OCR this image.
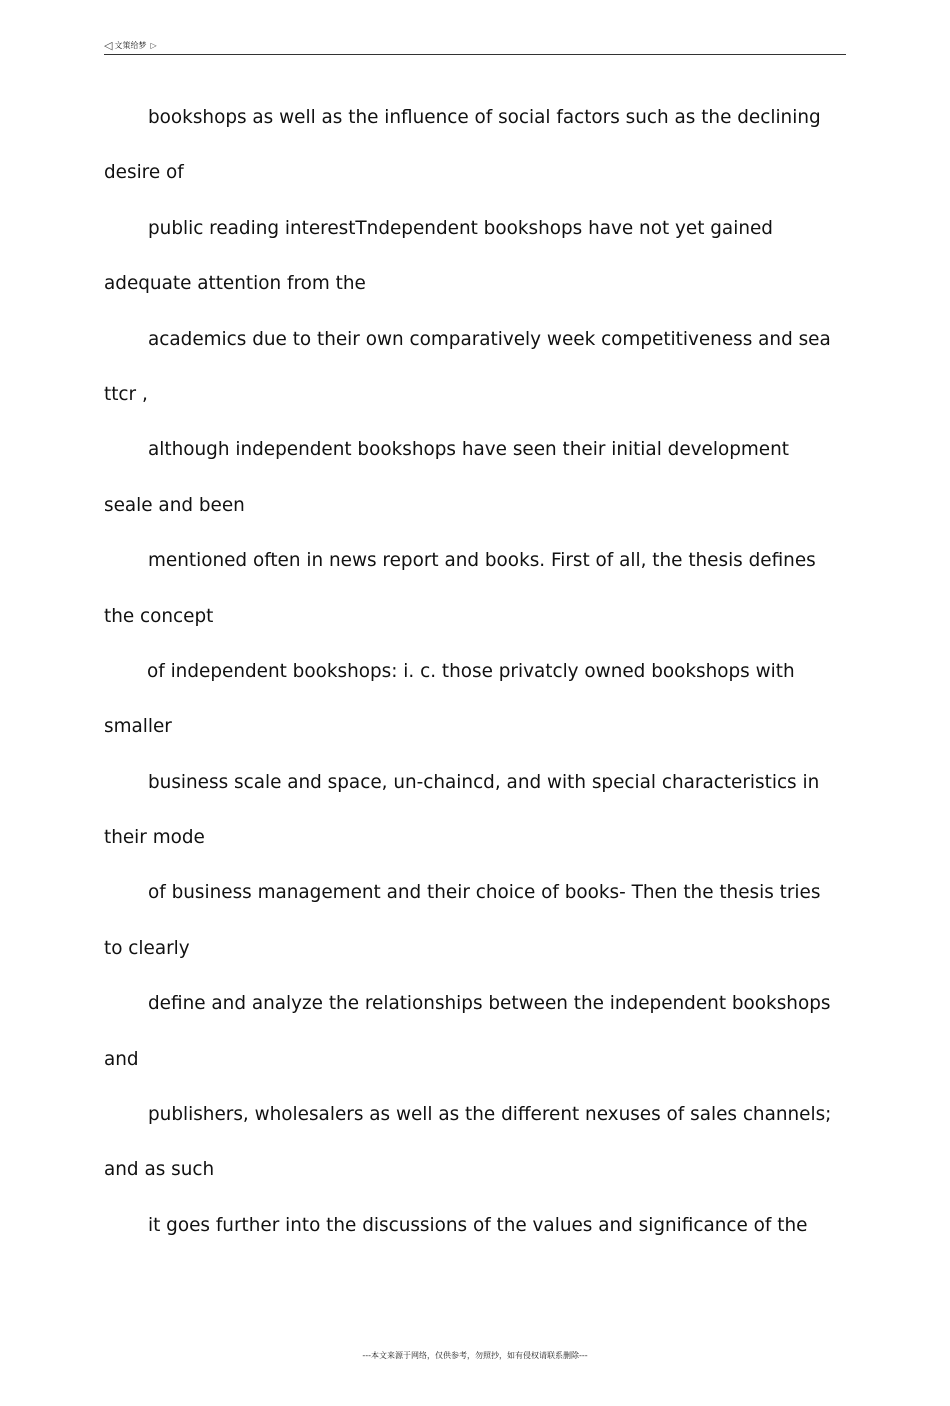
◁ 文策给梦 ▷
bookshops as well as the influence of social factors such as the declining
desire of
public reading interestTndependent bookshops have not yet gained
adequate attention from the
academics due to their own comparatively week competitiveness and sea
ttcr ,
although independent bookshops have seen their initial development
seale and been
mentioned often in news report and books. First of all, the thesis defines
the concept
of independent bookshops: i. c. those privatcly owned bookshops with
smaller
business scale and space, un-chaincd, and with special characteristics in
their mode
of business management and their choice of books- Then the thesis tries
to clearly
define and analyze the relationships between the independent bookshops
and
publishers, wholesalers as well as the different nexuses of sales channels;
and as such
it goes further into the discussions of the values and significance of the
---本文来源于网络，仅供参考，勿照抄，如有侵权请联系删除---
